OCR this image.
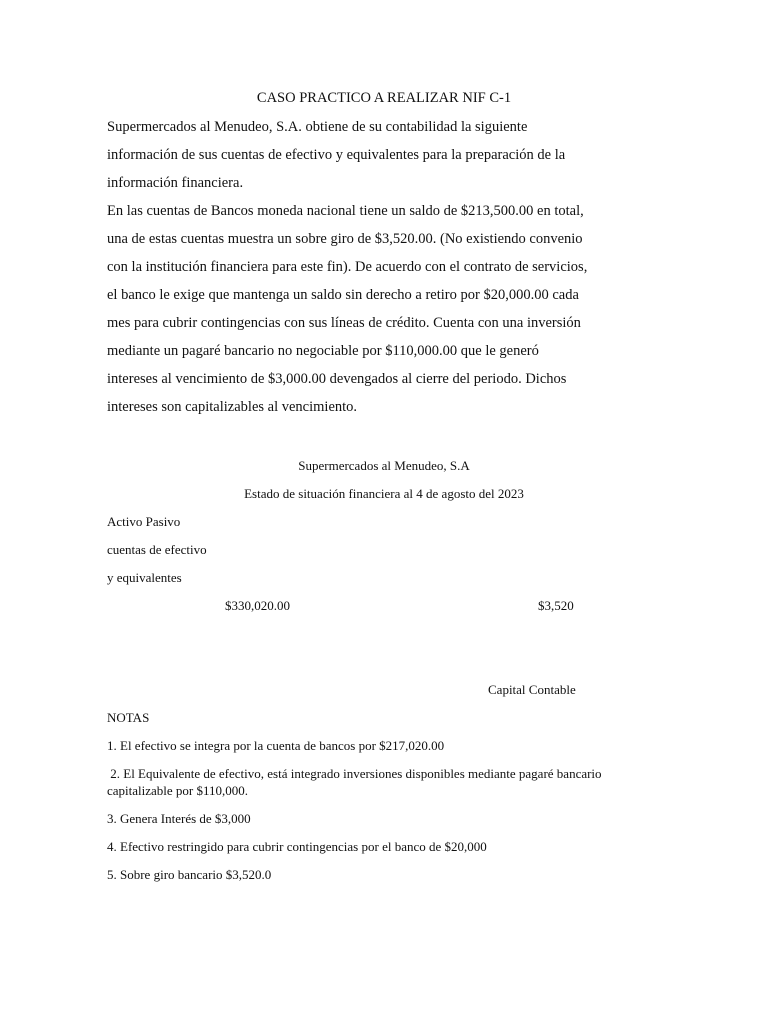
CASO PRACTICO A REALIZAR NIF C-1
Supermercados al Menudeo, S.A. obtiene de su contabilidad la siguiente
información de sus cuentas de efectivo y equivalentes para la preparación de la
información financiera.
En las cuentas de Bancos moneda nacional tiene un saldo de $213,500.00 en total,
una de estas cuentas muestra un sobre giro de $3,520.00. (No existiendo convenio
con la institución financiera para este fin). De acuerdo con el contrato de servicios,
el banco le exige que mantenga un saldo sin derecho a retiro por $20,000.00 cada
mes para cubrir contingencias con sus líneas de crédito. Cuenta con una inversión
mediante un pagaré bancario no negociable por $110,000.00 que le generó
intereses al vencimiento de $3,000.00 devengados al cierre del periodo. Dichos
intereses son capitalizables al vencimiento.
Supermercados al Menudeo, S.A
Estado de situación financiera al 4 de agosto del 2023
Activo Pasivo
cuentas de efectivo
y equivalentes
$330,020.00	$3,520
Capital Contable
NOTAS
1. El efectivo se integra por la cuenta de bancos por $217,020.00
2. El Equivalente de efectivo, está integrado inversiones disponibles mediante pagaré bancario
capitalizable por $110,000.
3. Genera Interés de $3,000
4. Efectivo restringido para cubrir contingencias por el banco de $20,000
5. Sobre giro bancario $3,520.0
